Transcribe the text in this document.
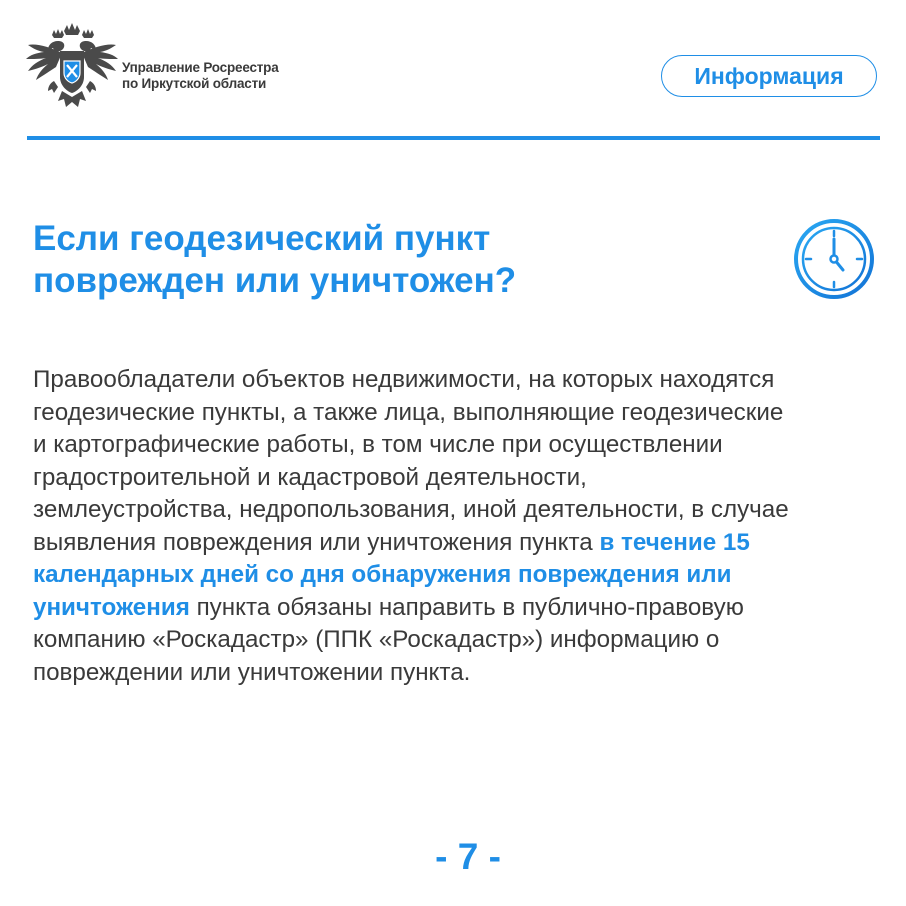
Управление Росреестра
по Иркутской области	Информация
Если геодезический пункт
поврежден или уничтожен?

Правообладатели объектов недвижимости, на которых находятся
геодезические пункты, а также лица, выполняющие геодезические
и картографические работы, в том числе при осуществлении
градостроительной и кадастровой деятельности,
землеустройства, недропользования, иной деятельности, в случае
выявления повреждения или уничтожения пункта в течение 15
календарных дней со дня обнаружения повреждения или
уничтожения пункта обязаны направить в публично-правовую
компанию «Роскадастр» (ППК «Роскадастр») информацию о
повреждении или уничтожении пункта.

- 7 -
